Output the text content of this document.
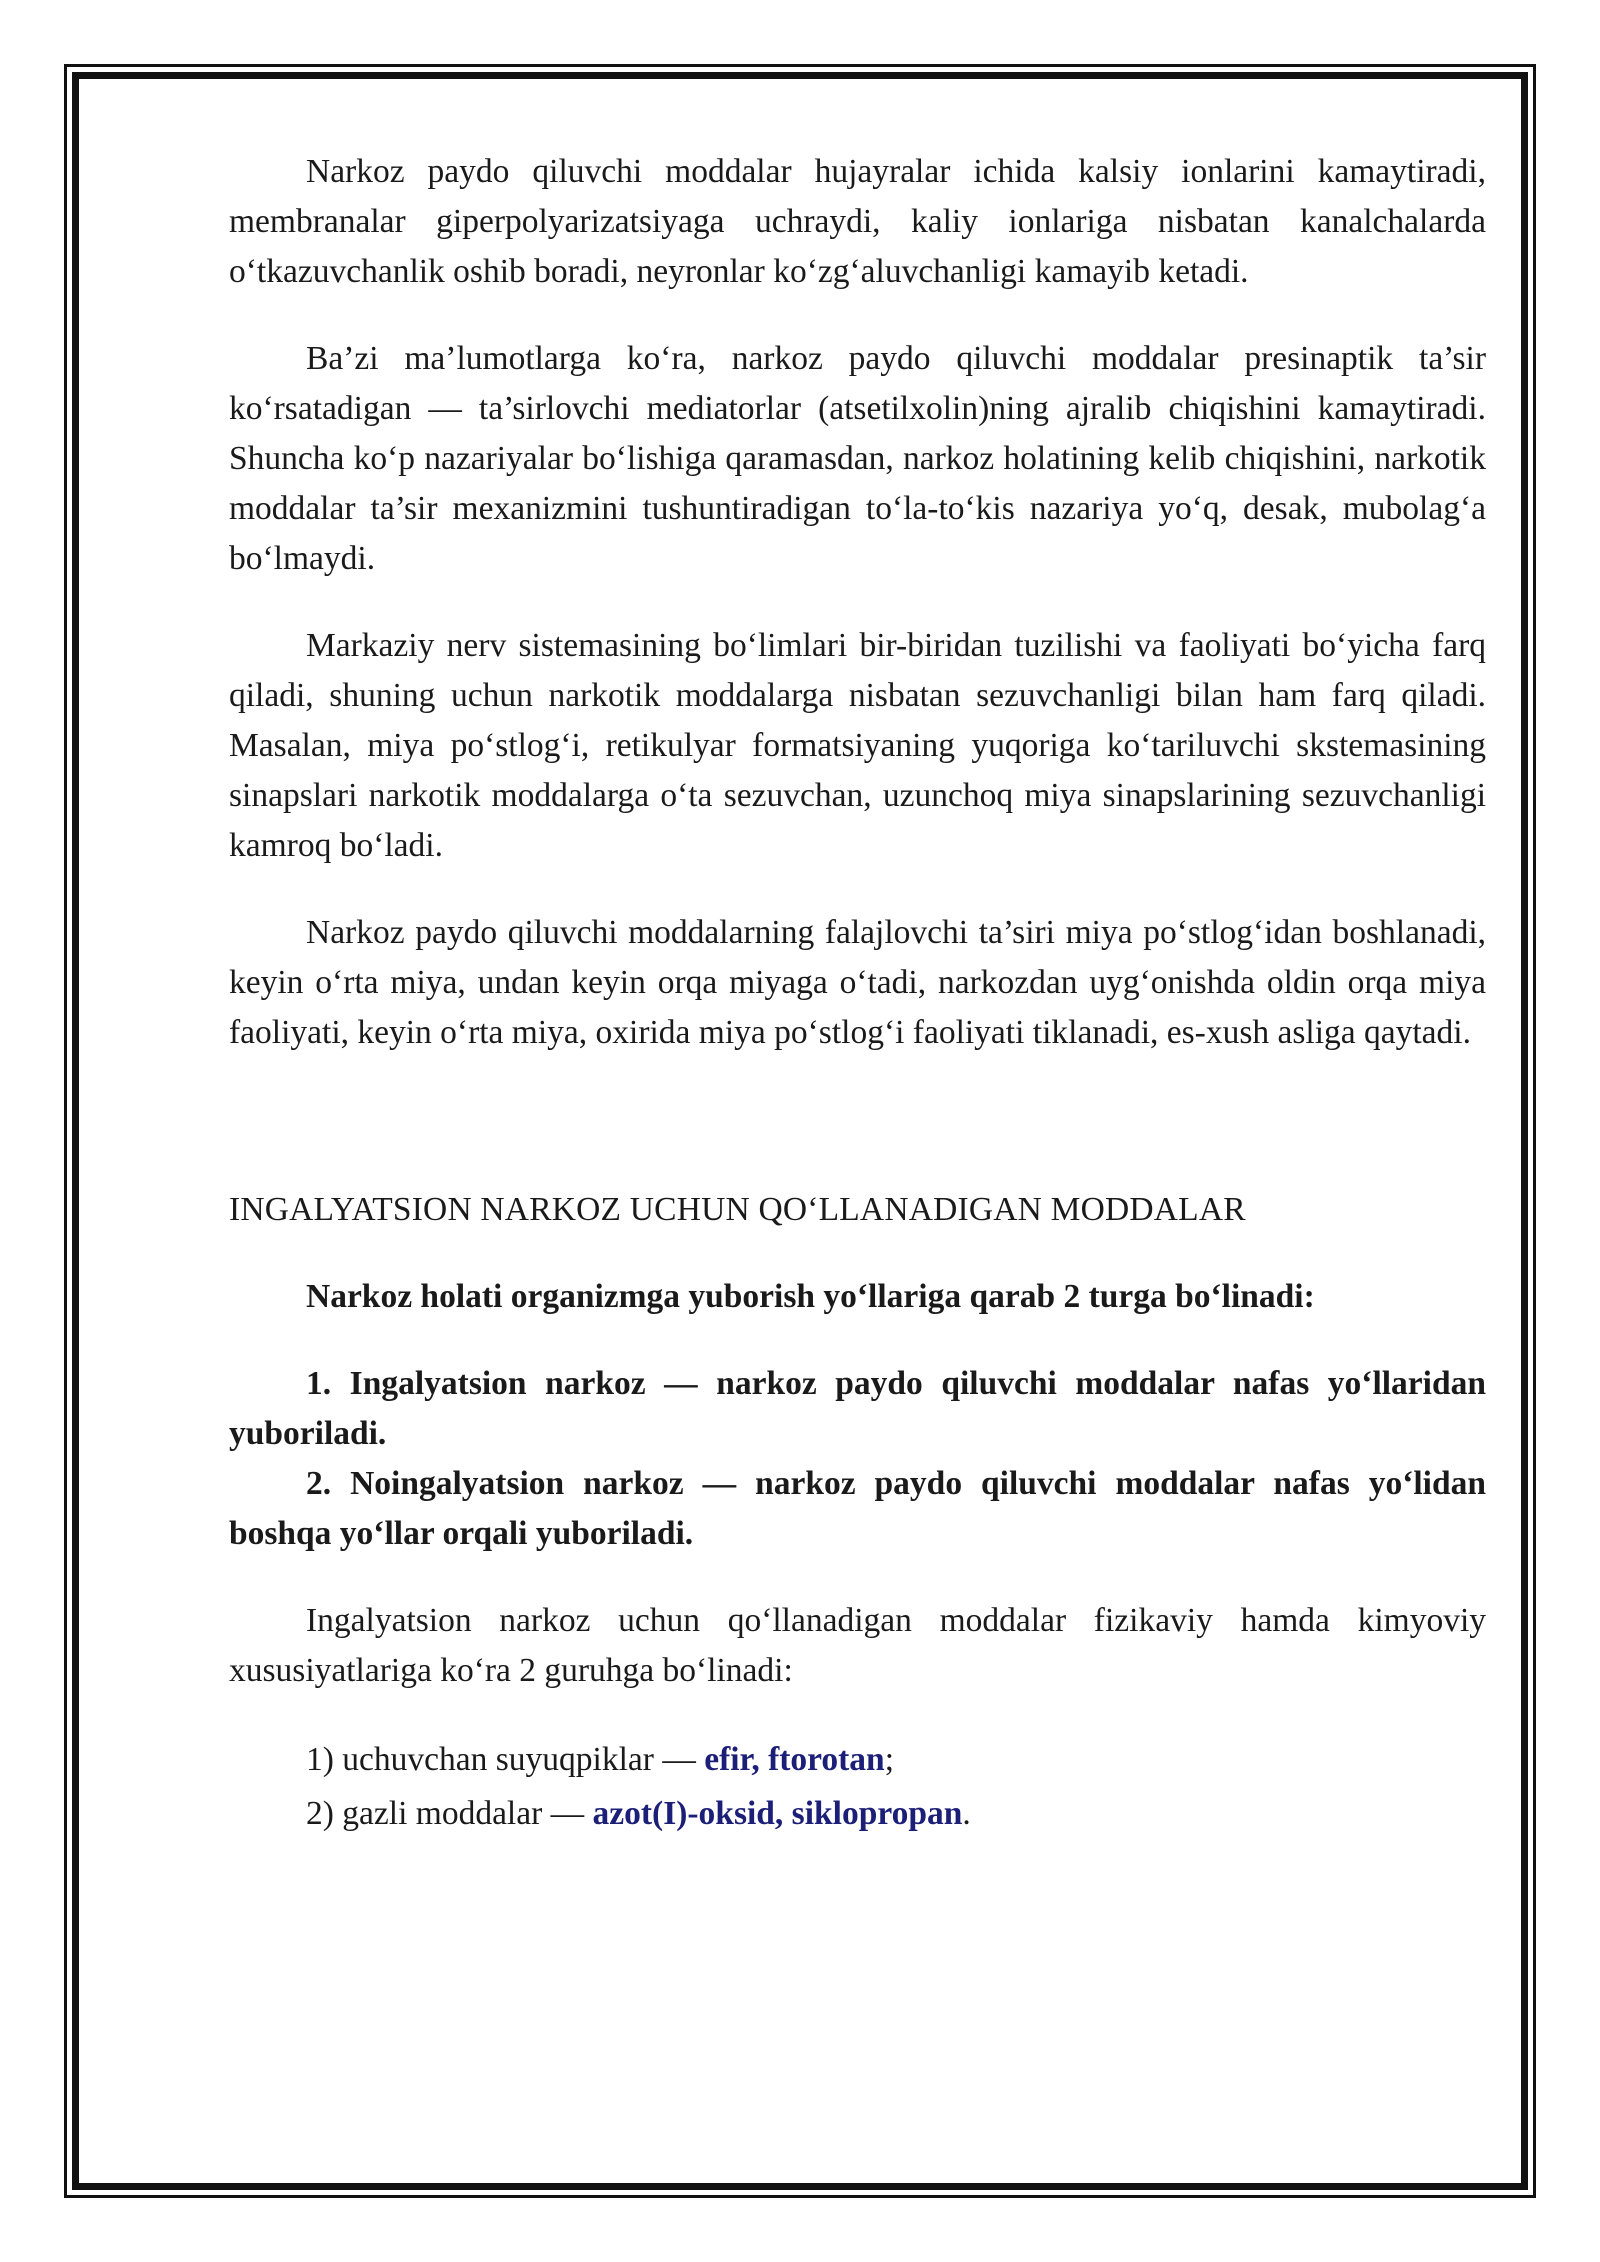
Narkoz paydo qiluvchi moddalar hujayralar ichida kalsiy ionlarini kamaytiradi, membranalar giperpolyarizatsiyaga uchraydi, kaliy ionlariga nisbatan kanalchalarda o‘tkazuvchanlik oshib boradi, neyronlar ko‘zg‘aluvchanligi kamayib ketadi.

Ba’zi ma’lumotlarga ko‘ra, narkoz paydo qiluvchi moddalar presinaptik ta’sir ko‘rsatadigan — ta’sirlovchi mediatorlar (atsetilxolin)ning ajralib chiqishini kamaytiradi. Shuncha ko‘p nazariyalar bo‘lishiga qaramasdan, narkoz holatining kelib chiqishini, narkotik moddalar ta’sir mexanizmini tushuntiradigan to‘la-to‘kis nazariya yo‘q, desak, mubolag‘a bo‘lmaydi.

Markaziy nerv sistemasining bo‘limlari bir-biridan tuzilishi va faoliyati bo‘yicha farq qiladi, shuning uchun narkotik moddalarga nisbatan sezuvchanligi bilan ham farq qiladi. Masalan, miya po‘stlog‘i, retikulyar formatsiyaning yuqoriga ko‘tariluvchi skstemasining sinapslari narkotik moddalarga o‘ta sezuvchan, uzunchoq miya sinapslarining sezuvchanligi kamroq bo‘ladi.

Narkoz paydo qiluvchi moddalarning falajlovchi ta’siri miya po‘stlog‘idan boshlanadi, keyin o‘rta miya, undan keyin orqa miyaga o‘tadi, narkozdan uyg‘onishda oldin orqa miya faoliyati, keyin o‘rta miya, oxirida miya po‘stlog‘i faoliyati tiklanadi, es-xush asliga qaytadi.

INGALYATSION NARKOZ UCHUN QO‘LLANADIGAN MODDALAR

Narkoz holati organizmga yuborish yo‘llariga qarab 2 turga bo‘linadi:

1. Ingalyatsion narkoz — narkoz paydo qiluvchi moddalar nafas yo‘llaridan yuboriladi.

2. Noingalyatsion narkoz — narkoz paydo qiluvchi moddalar nafas yo‘lidan boshqa yo‘llar orqali yuboriladi.

Ingalyatsion narkoz uchun qo‘llanadigan moddalar fizikaviy hamda kimyoviy xususiyatlariga ko‘ra 2 guruhga bo‘linadi:

1) uchuvchan suyuqpiklar — efir, ftorotan;

2) gazli moddalar — azot(I)-oksid, siklopropan.
